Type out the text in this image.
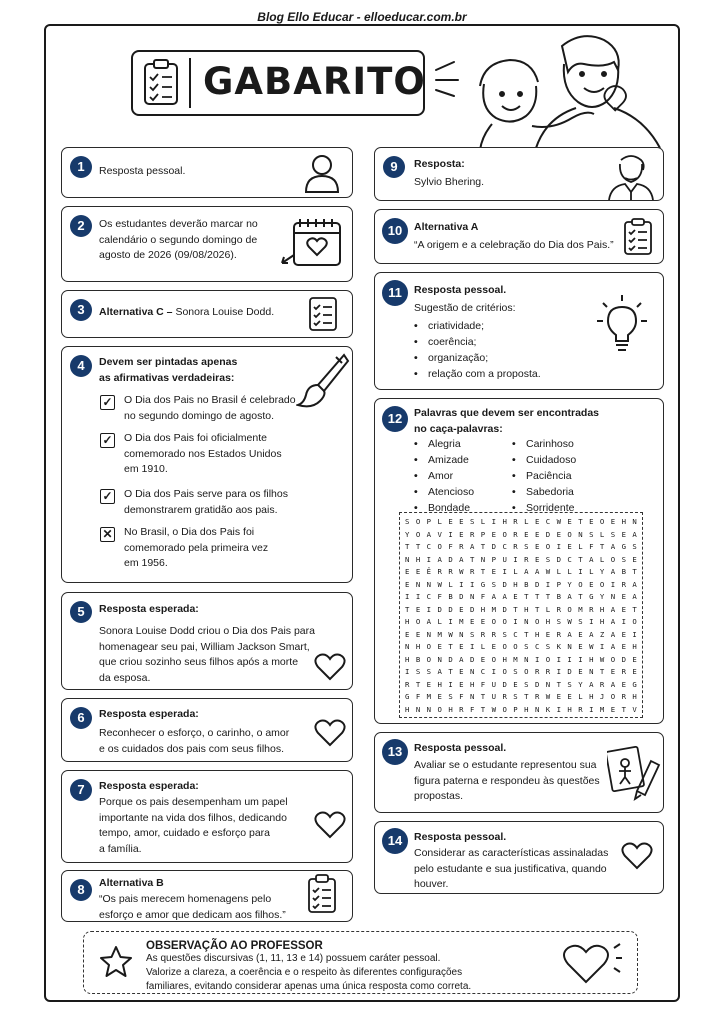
Blog Ello Educar - elloeducar.com.br
GABARITO
1	Resposta pessoal.
2	Os estudantes deverão marcar no
calendário o segundo domingo de
agosto de 2026 (09/08/2026).
3	Alternativa C – Sonora Louise Dodd.
4	Devem ser pintadas apenas
as afirmativas verdadeiras:
✓ O Dia dos Pais no Brasil é celebrado
no segundo domingo de agosto.
✓ O Dia dos Pais foi oficialmente
comemorado nos Estados Unidos
em 1910.
✓ O Dia dos Pais serve para os filhos
demonstrarem gratidão aos pais.
✕ No Brasil, o Dia dos Pais foi
comemorado pela primeira vez
em 1956.
5	Resposta esperada:
Sonora Louise Dodd criou o Dia dos Pais para
homenagear seu pai, William Jackson Smart,
que criou sozinho seus filhos após a morte
da esposa.
6	Resposta esperada:
Reconhecer o esforço, o carinho, o amor
e os cuidados dos pais com seus filhos.
7	Resposta esperada:
Porque os pais desempenham um papel
importante na vida dos filhos, dedicando
tempo, amor, cuidado e esforço para
a família.
8	Alternativa B
“Os pais merecem homenagens pelo
esforço e amor que dedicam aos filhos.”
9	Resposta:
Sylvio Bhering.
10	Alternativa A
“A origem e a celebração do Dia dos Pais.”
11	Resposta pessoal.
Sugestão de critérios:
• criatividade;
• coerência;
• organização;
• relação com a proposta.
12	Palavras que devem ser encontradas
no caça-palavras:
• Alegria
• Amizade
• Amor
• Atencioso
• Bondade
• Carinhoso
• Cuidadoso
• Paciência
• Sabedoria
• Sorridente
S O P L E E S L I H R L E C W E T E O E H N
Y O A V I E R P E O R E E D E O N S L S E A
T T C O F R A T D C R S E O I E L F T A G S
N H I A D A T N P U I R E S D C T A L O S E
E E Ê R R W R T E I L A A W L L I L Y A B T
E N N W L I I G S D H B D I P Y O E O I R A
I I C F B D N F A A E T T T B A T G Y N E A
T E I D D E D H M D T H T L R O M R H A E T
H O A L I M E E O O I N O H S W S I H A I O
E E N M W N S R R S C T H E R A E A Z A E I
N H O E T E I L E O O S C S K N E W I A E H
H B O N D A D E O H M N I O I I I H W O D E
I S S A T E N C I O S O R R I D E N T E R E
R T E H I E H F U D E S D N T S Y A R A E G
G F M E S F N T U R S T R W E E L H J O R H
H N N O H R F T W O P H N K I H R I M E T V
13	Resposta pessoal.
Avaliar se o estudante representou sua
figura paterna e respondeu às questões
propostas.
14	Resposta pessoal.
Considerar as características assinaladas
pelo estudante e sua justificativa, quando
houver.
OBSERVAÇÃO AO PROFESSOR
As questões discursivas (1, 11, 13 e 14) possuem caráter pessoal.
Valorize a clareza, a coerência e o respeito às diferentes configurações
familiares, evitando considerar apenas uma única resposta como correta.
